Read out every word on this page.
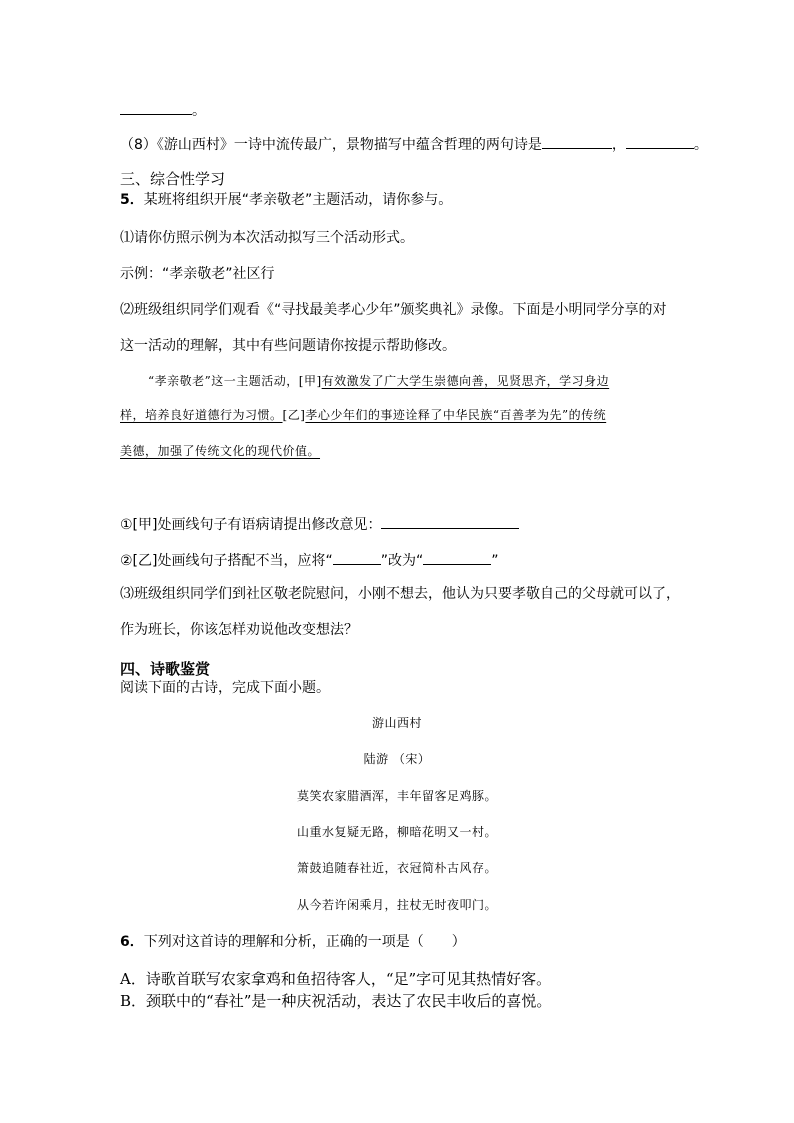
。
（8）《游山西村》一诗中流传最广，景物描写中蕴含哲理的两句诗是	，	。
三、综合性学习
5．某班将组织开展“孝亲敬老”主题活动，请你参与。
⑴请你仿照示例为本次活动拟写三个活动形式。
示例：“孝亲敬老”社区行
⑵班级组织同学们观看《“寻找最美孝心少年”颁奖典礼》录像。下面是小明同学分享的对
这一活动的理解，其中有些问题请你按提示帮助修改。
“孝亲敬老”这一主题活动，[甲]有效激发了广大学生崇德向善，见贤思齐，学习身边
样，培养良好道德行为习惯。[乙]孝心少年们的事迹诠释了中华民族“百善孝为先”的传统
美德，加强了传统文化的现代价值。
①[甲]处画线句子有语病请提出修改意见：
②[乙]处画线句子搭配不当，应将“	”改为“	”
⑶班级组织同学们到社区敬老院慰问，小刚不想去，他认为只要孝敬自己的父母就可以了，
作为班长，你该怎样劝说他改变想法？
四、诗歌鉴赏
阅读下面的古诗，完成下面小题。
游山西村
陆游 （宋）
莫笑农家腊酒浑，丰年留客足鸡豚。
山重水复疑无路，柳暗花明又一村。
箫鼓追随春社近，衣冠简朴古风存。
从今若许闲乘月，拄杖无时夜叩门。
6．下列对这首诗的理解和分析，正确的一项是（　　）
A．诗歌首联写农家拿鸡和鱼招待客人，“足”字可见其热情好客。
B．颈联中的“春社”是一种庆祝活动，表达了农民丰收后的喜悦。
